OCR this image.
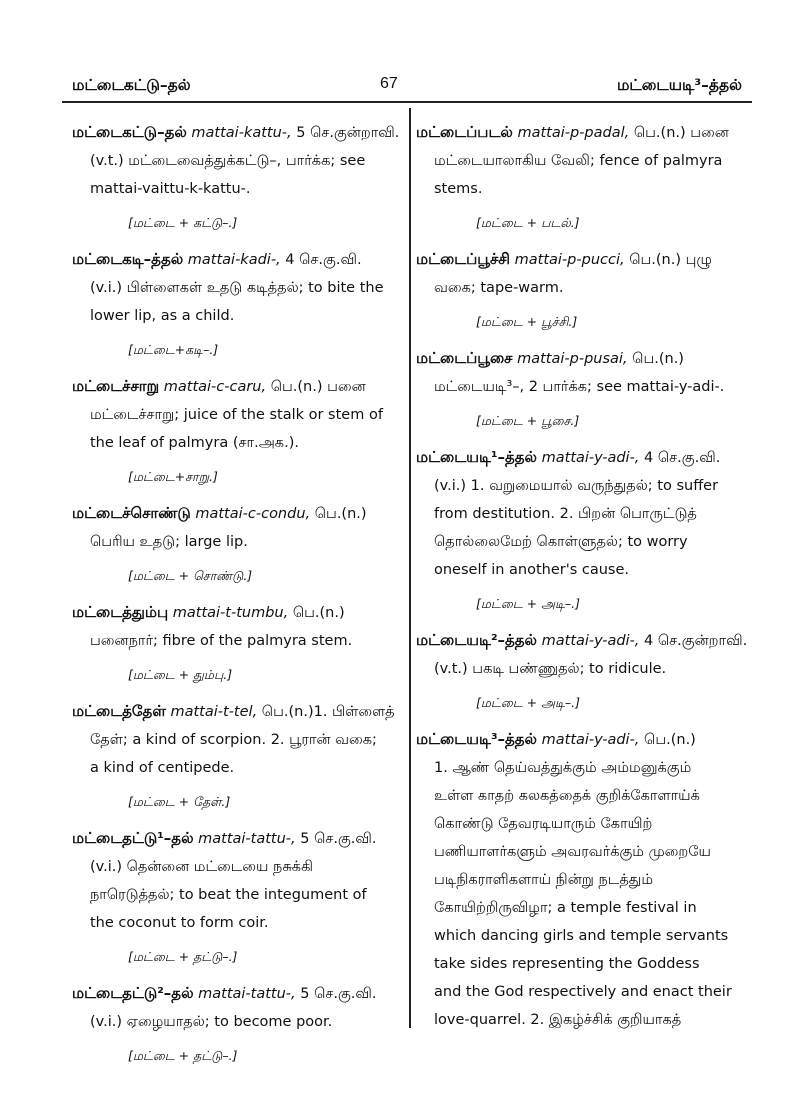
மட்டைகட்டு–தல்	67	மட்டையடி³–த்தல்

மட்டைகட்டு–தல் mattai-kattu-, 5 செ.குன்றாவி.

(v.t.) மட்டைவைத்துக்கட்டு–, பார்க்க; see

mattai-vaittu-k-kattu-.

[மட்டை + கட்டு–.]

மட்டைகடி–த்தல் mattai-kadi-, 4 செ.கு.வி.

(v.i.) பிள்ளைகள் உதடு கடித்தல்; to bite the

lower lip, as a child.

[மட்டை+கடி–.]

மட்டைச்சாறு mattai-c-caru, பெ.(n.) பனை

மட்டைச்சாறு; juice of the stalk or stem of

the leaf of palmyra (சா.அக.).

[மட்டை+சாறு.]

மட்டைச்சொண்டு mattai-c-condu, பெ.(n.)

பெரிய உதடு; large lip.

[மட்டை + சொண்டு.]

மட்டைத்தும்பு mattai-t-tumbu, பெ.(n.)

பனைநார்; fibre of the palmyra stem.

[மட்டை + தும்பு.]

மட்டைத்தேள் mattai-t-tel, பெ.(n.)1. பிள்ளைத்

தேள்; a kind of scorpion. 2. பூரான் வகை;

a kind of centipede.

[மட்டை + தேள்.]

மட்டைதட்டு¹–தல் mattai-tattu-, 5 செ.கு.வி.

(v.i.) தென்னை மட்டையை நசுக்கி

நாரெடுத்தல்; to beat the integument of

the coconut to form coir.

[மட்டை + தட்டு–.]

மட்டைதட்டு²–தல் mattai-tattu-, 5 செ.கு.வி.

(v.i.) ஏழையாதல்; to become poor.

[மட்டை + தட்டு–.]

மட்டைப்படல் mattai-p-padal, பெ.(n.) பனை

மட்டையாலாகிய வேலி; fence of palmyra

stems.

[மட்டை + படல்.]

மட்டைப்பூச்சி mattai-p-pucci, பெ.(n.) புழு

வகை; tape-warm.

[மட்டை + பூச்சி.]

மட்டைப்பூசை mattai-p-pusai, பெ.(n.)

மட்டையடி³–, 2 பார்க்க; see mattai-y-adi-.

[மட்டை + பூசை.]

மட்டையடி¹–த்தல் mattai-y-adi-, 4 செ.கு.வி.

(v.i.) 1. வறுமையால் வருந்துதல்; to suffer

from destitution. 2. பிறன் பொருட்டுத்

தொல்லைமேற் கொள்ளுதல்; to worry

oneself in another's cause.

[மட்டை + அடி–.]

மட்டையடி²–த்தல் mattai-y-adi-, 4 செ.குன்றாவி.

(v.t.) பகடி பண்ணுதல்; to ridicule.

[மட்டை + அடி–.]

மட்டையடி³–த்தல் mattai-y-adi-, பெ.(n.)

1. ஆண் தெய்வத்துக்கும் அம்மனுக்கும்

உள்ள காதற் கலகத்தைக் குறிக்கோளாய்க்

கொண்டு தேவரடியாரும் கோயிற்

பணியாளர்களும் அவரவர்க்கும் முறையே

படிநிகராளிகளாய் நின்று நடத்தும்

கோயிற்றிருவிழா; a temple festival in

which dancing girls and temple servants

take sides representing the Goddess

and the God respectively and enact their

love-quarrel. 2. இகழ்ச்சிக் குறியாகத்
